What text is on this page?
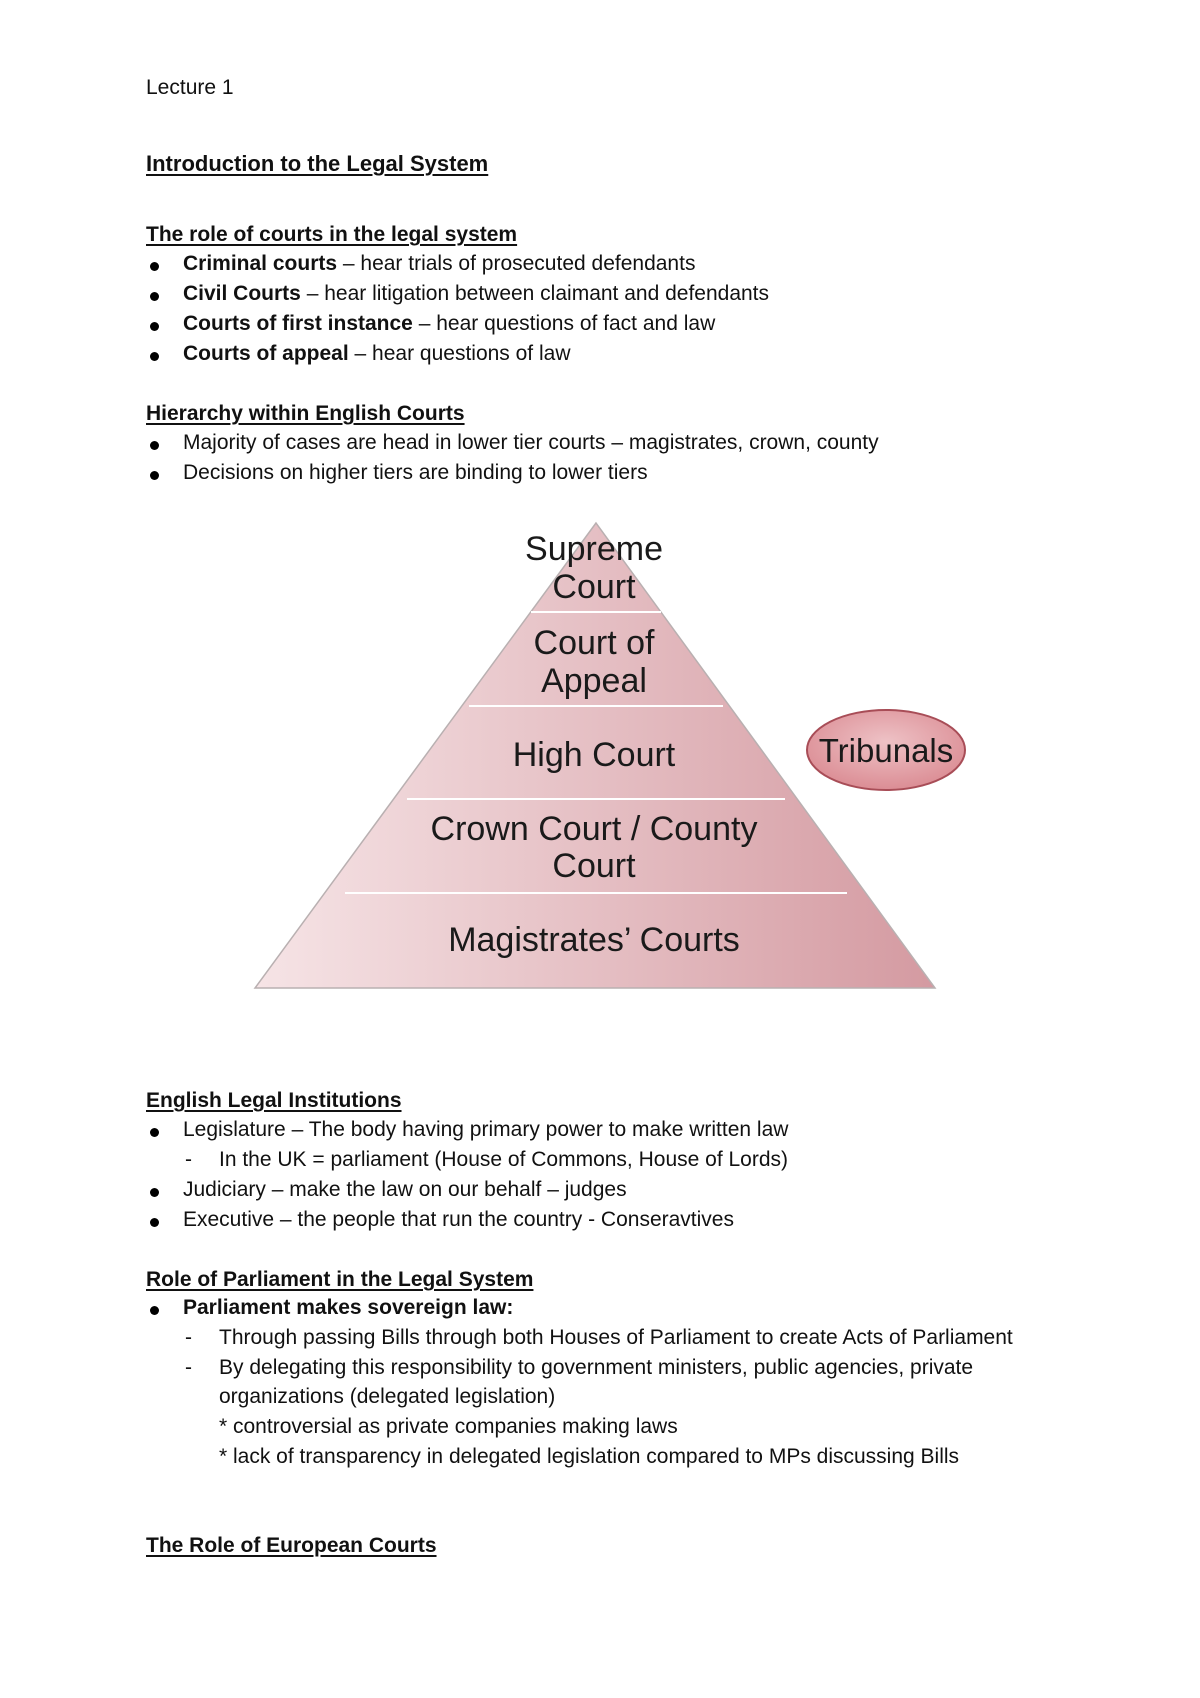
Lecture 1
Introduction to the Legal System
The role of courts in the legal system
Criminal courts – hear trials of prosecuted defendants
Civil Courts – hear litigation between claimant and defendants
Courts of first instance – hear questions of fact and law
Courts of appeal – hear questions of law
Hierarchy within English Courts
Majority of cases are head in lower tier courts – magistrates, crown, county
Decisions on higher tiers are binding to lower tiers
Supreme
Court
Court of
Appeal
High Court
Crown Court / County
Court
Magistrates’ Courts
Tribunals
English Legal Institutions
Legislature – The body having primary power to make written law
- In the UK = parliament (House of Commons, House of Lords)
Judiciary – make the law on our behalf – judges
Executive – the people that run the country - Conseravtives
Role of Parliament in the Legal System
Parliament makes sovereign law:
- Through passing Bills through both Houses of Parliament to create Acts of Parliament
- By delegating this responsibility to government ministers, public agencies, private
organizations (delegated legislation)
* controversial as private companies making laws
* lack of transparency in delegated legislation compared to MPs discussing Bills
The Role of European Courts
